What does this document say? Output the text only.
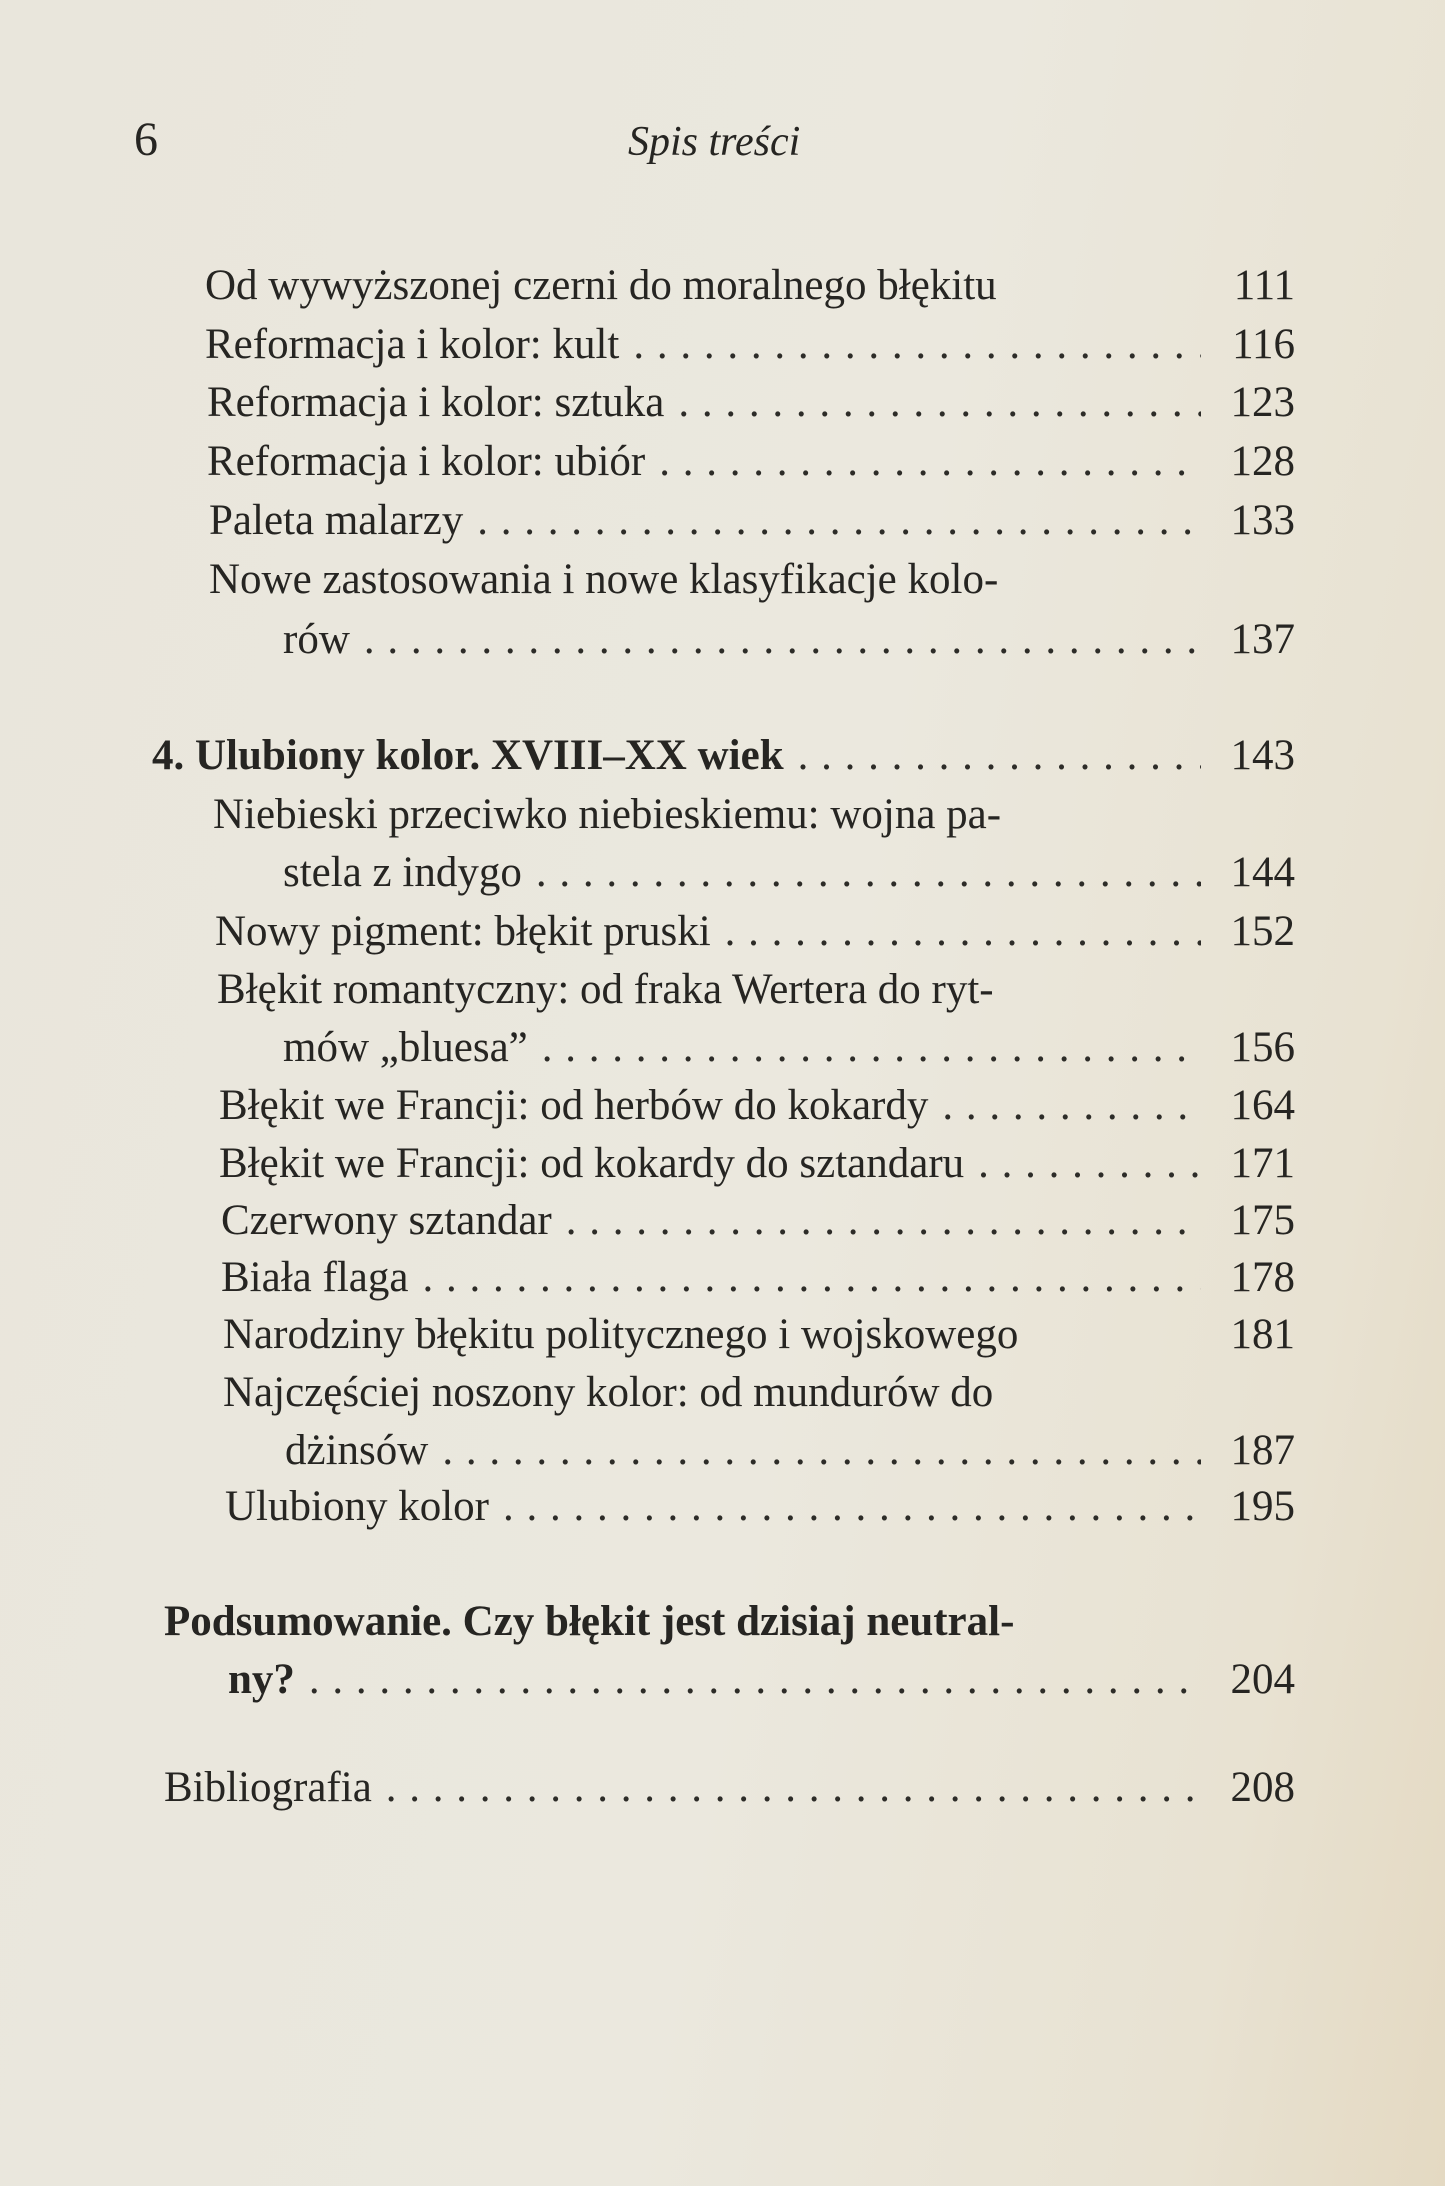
6	Spis treści
Od wywyższonej czerni do moralnego błękitu	111
Reformacja i kolor: kult . . .	116
Reformacja i kolor: sztuka . . .	123
Reformacja i kolor: ubiór . . .	128
Paleta malarzy . . .	133
Nowe zastosowania i nowe klasyfikacje kolo-
rów . . .	137
4. Ulubiony kolor. XVIII–XX wiek . . .	143
Niebieski przeciwko niebieskiemu: wojna pa-
stela z indygo . . .	144
Nowy pigment: błękit pruski . . .	152
Błękit romantyczny: od fraka Wertera do ryt-
mów „bluesa” . . .	156
Błękit we Francji: od herbów do kokardy . . .	164
Błękit we Francji: od kokardy do sztandaru . . .	171
Czerwony sztandar . . .	175
Biała flaga . . .	178
Narodziny błękitu politycznego i wojskowego	181
Najczęściej noszony kolor: od mundurów do
dżinsów . . .	187
Ulubiony kolor . . .	195
Podsumowanie. Czy błękit jest dzisiaj neutral-
ny? . . .	204
Bibliografia . . .	208
